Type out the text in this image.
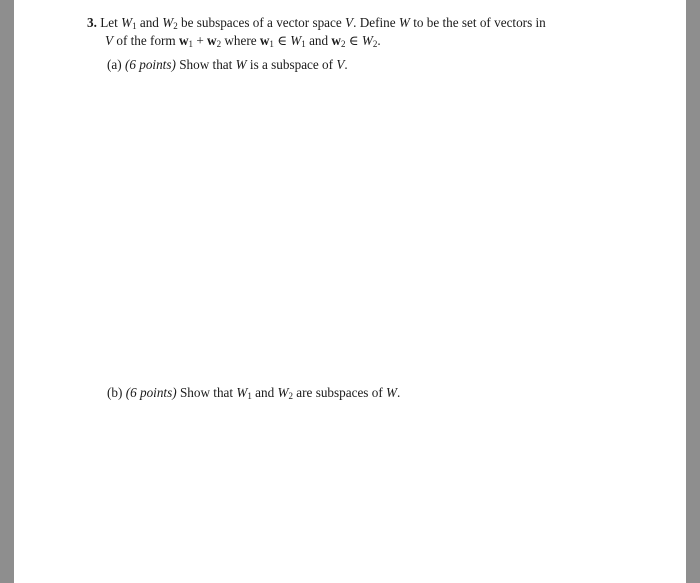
3. Let $W_1$ and $W_2$ be subspaces of a vector space V. Define W to be the set of vectors in
V of the form $w_1 + w_2$ where $w_1$ ∈ $W_1$ and $w_2$ ∈ $W_2$.
(a) (6 points) Show that W is a subspace of V.
(b) (6 points) Show that $W_1$ and $W_2$ are subspaces of W.
